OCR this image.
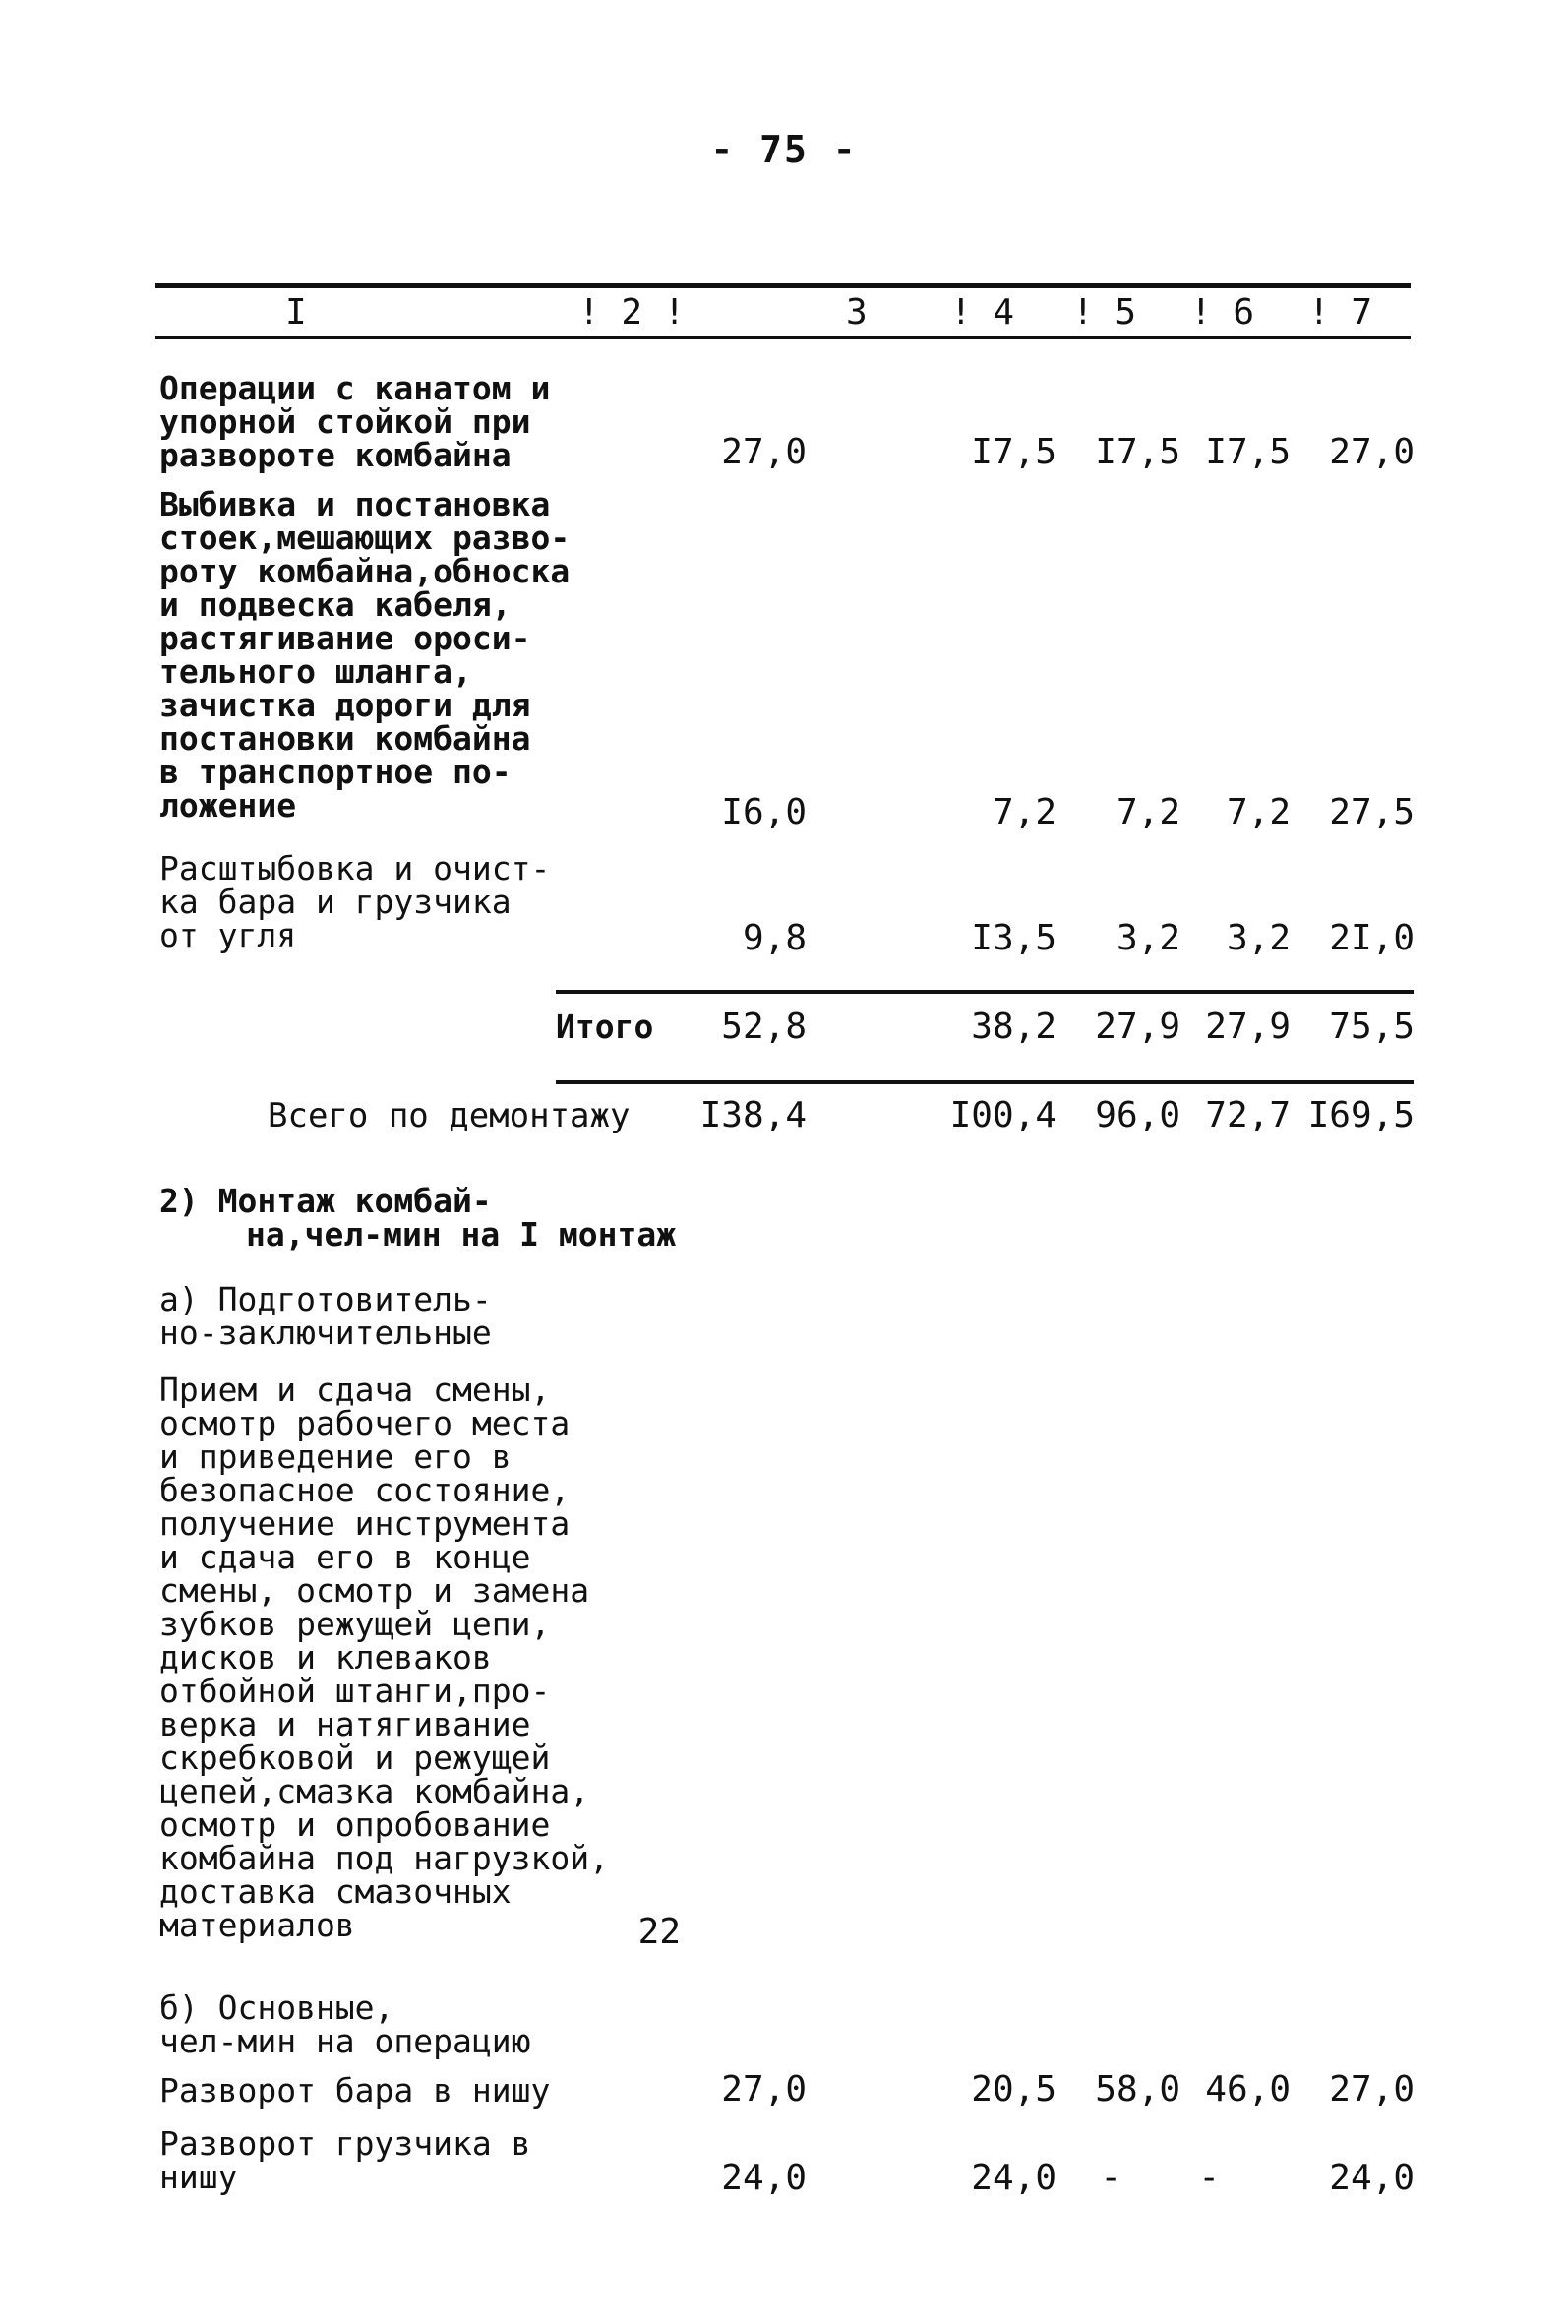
- 75 -
I	! 2 !	3 ! 4 ! 5 ! 6 ! 7

Операции с канатом и
упорной стойкой при
развороте комбайна	27,0	I7,5	I7,5 I7,5	27,0

Выбивка и постановка
стоек,мешающих разво-
роту комбайна,обноска
и подвеска кабеля,
растягивание ороси-
тельного шланга,
зачистка дороги для
постановки комбайна
в транспортное по-
ложение	I6,0	7,2	7,2	7,2	27,5

Расштыбовка и очист-
ка бара и грузчика
от угля	9,8	I3,5	3,2	3,2	2I,0
Итого	52,8	38,2	27,9 27,9	75,5
Всего по демонтажу	I38,4	I00,4	96,0 72,7 I69,5

2) Монтаж комбай-
на,чел-мин на I монтаж

а) Подготовитель-
но-заключительные

Прием и сдача смены,
осмотр рабочего места
и приведение его в
безопасное состояние,
получение инструмента
и сдача его в конце
смены, осмотр и замена
зубков режущей цепи,
дисков и клеваков
отбойной штанги,про-
верка и натягивание
скребковой и режущей
цепей,смазка комбайна,
осмотр и опробование
комбайна под нагрузкой,
доставка смазочных
материалов	22

б) Основные,
чел-мин на операцию

Разворот бара в нишу	27,0	20,5	58,0 46,0	27,0

Разворот грузчика в
нишу	24,0	24,0	-	-	24,0
